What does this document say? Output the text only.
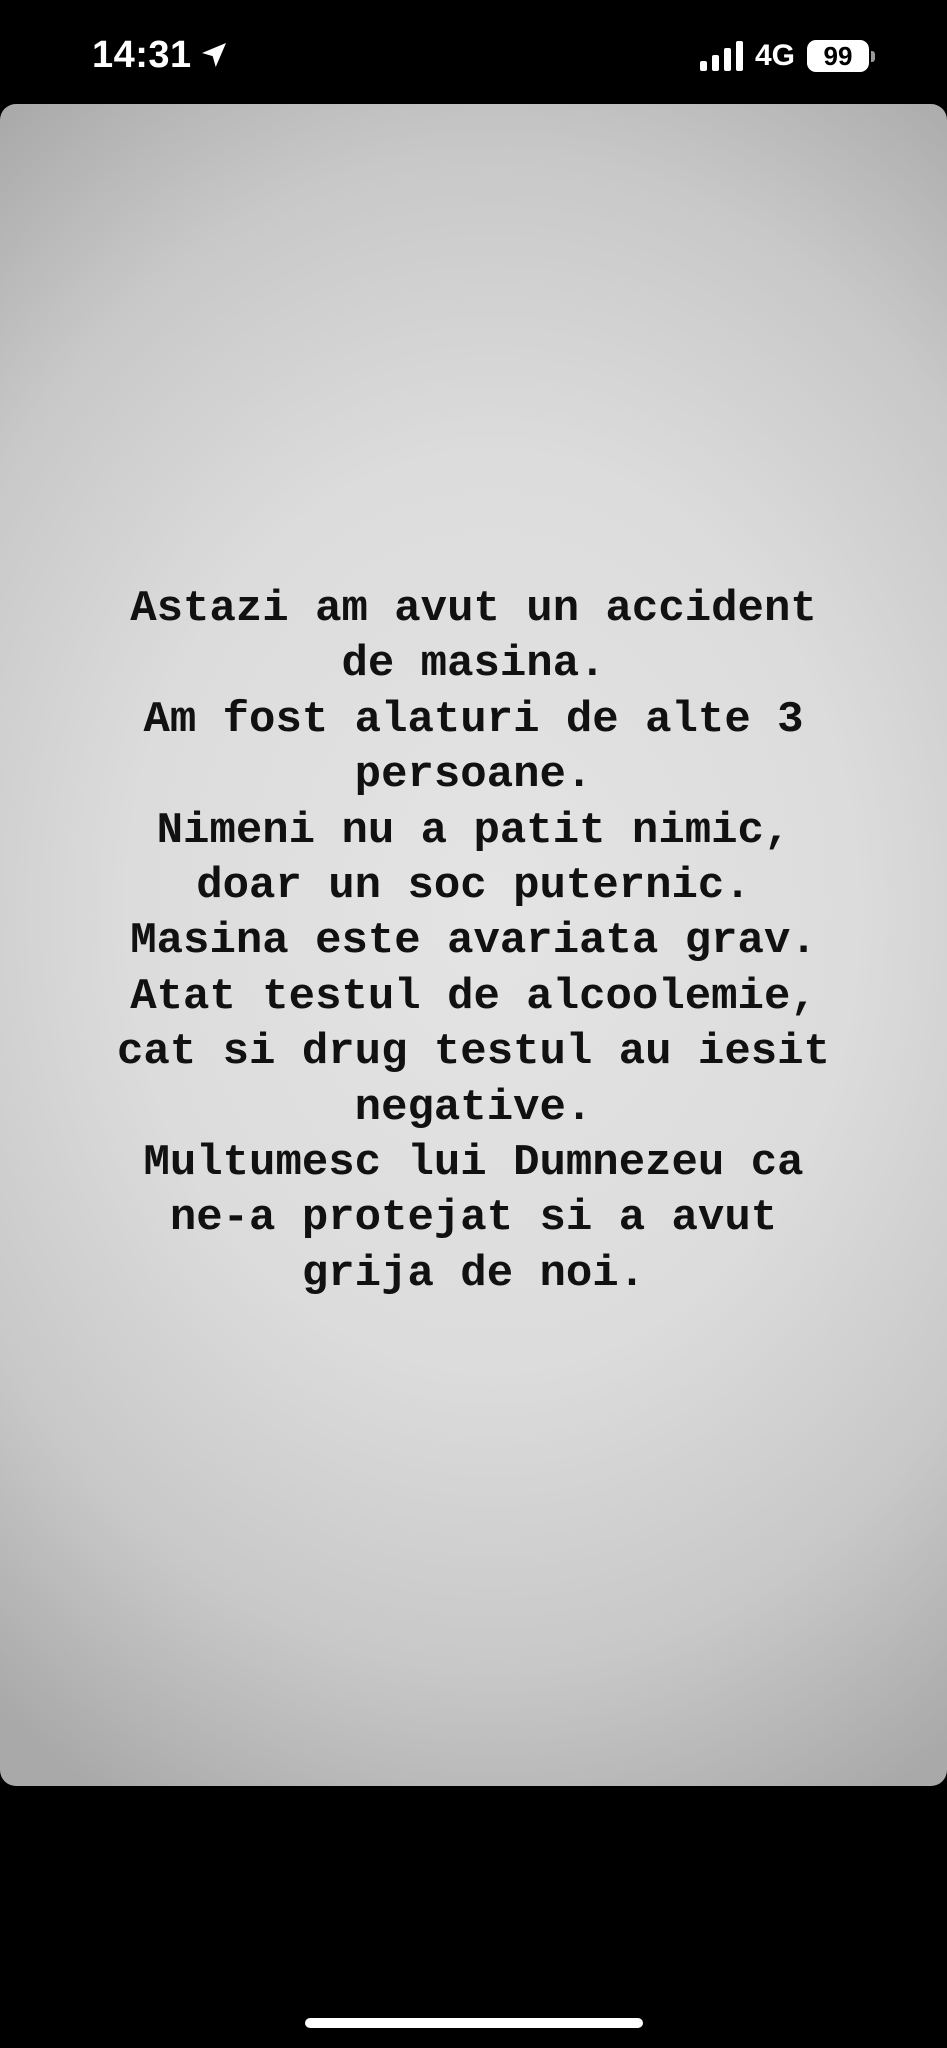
14:31	4G	99

Astazi am avut un accident
de masina.
Am fost alaturi de alte 3
persoane.
Nimeni nu a patit nimic,
doar un soc puternic.
Masina este avariata grav.
Atat testul de alcoolemie,
cat si drug testul au iesit
negative.
Multumesc lui Dumnezeu ca
ne-a protejat si a avut
grija de noi.
